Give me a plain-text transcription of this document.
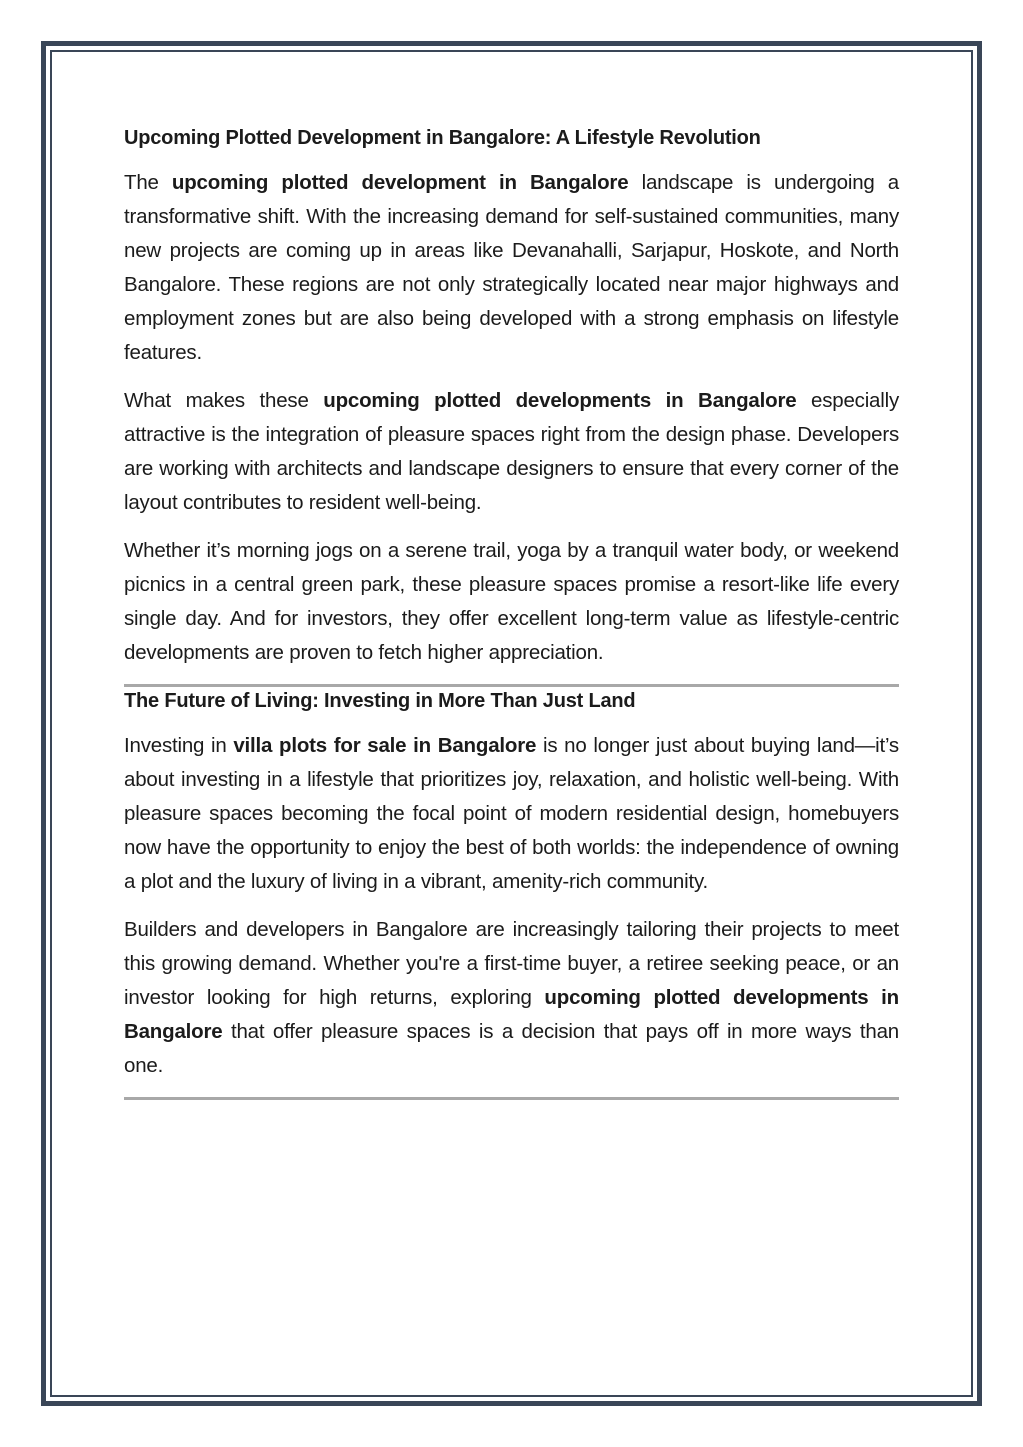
Upcoming Plotted Development in Bangalore: A Lifestyle Revolution

The upcoming plotted development in Bangalore landscape is undergoing a transformative shift. With the increasing demand for self-sustained communities, many new projects are coming up in areas like Devanahalli, Sarjapur, Hoskote, and North Bangalore. These regions are not only strategically located near major highways and employment zones but are also being developed with a strong emphasis on lifestyle features.

What makes these upcoming plotted developments in Bangalore especially attractive is the integration of pleasure spaces right from the design phase. Developers are working with architects and landscape designers to ensure that every corner of the layout contributes to resident well-being.

Whether it’s morning jogs on a serene trail, yoga by a tranquil water body, or weekend picnics in a central green park, these pleasure spaces promise a resort-like life every single day. And for investors, they offer excellent long-term value as lifestyle-centric developments are proven to fetch higher appreciation.

The Future of Living: Investing in More Than Just Land

Investing in villa plots for sale in Bangalore is no longer just about buying land—it’s about investing in a lifestyle that prioritizes joy, relaxation, and holistic well-being. With pleasure spaces becoming the focal point of modern residential design, homebuyers now have the opportunity to enjoy the best of both worlds: the independence of owning a plot and the luxury of living in a vibrant, amenity-rich community.

Builders and developers in Bangalore are increasingly tailoring their projects to meet this growing demand. Whether you're a first-time buyer, a retiree seeking peace, or an investor looking for high returns, exploring upcoming plotted developments in Bangalore that offer pleasure spaces is a decision that pays off in more ways than one.
